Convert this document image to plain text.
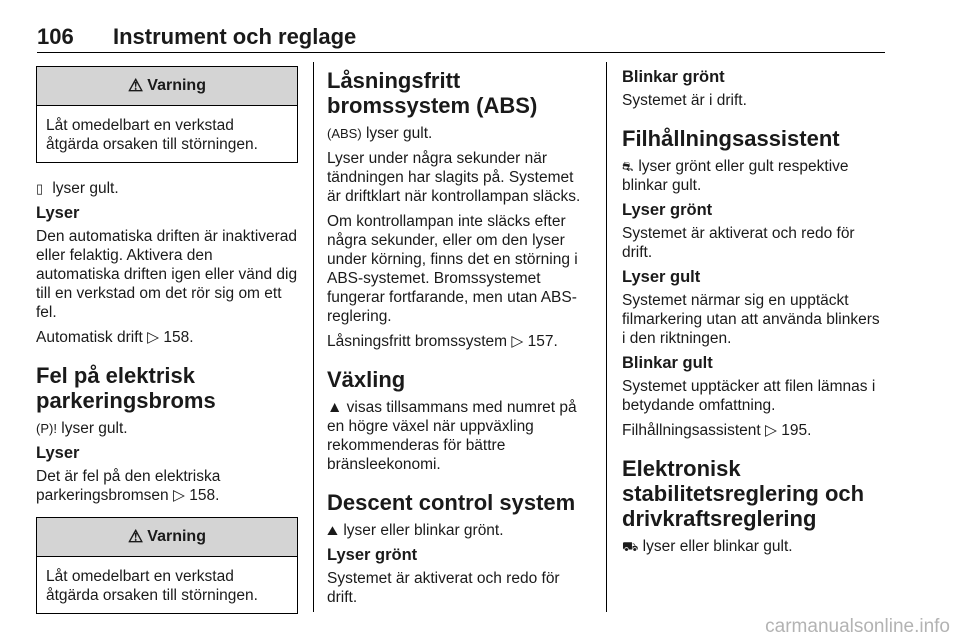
106 Instrument och reglage
⚠ Varning
Låt omedelbart en verkstad åtgärda orsaken till störningen.

▯ lyser gult.

Lyser

Den automatiska driften är inaktiverad eller felaktig. Aktivera den automatiska driften igen eller vänd dig till en verkstad om det rör sig om ett fel.

Automatisk drift ▷ 158.

Fel på elektrisk parkeringsbroms

(P)! lyser gult.

Lyser

Det är fel på den elektriska parkeringsbromsen ▷ 158.

⚠ Varning
Låt omedelbart en verkstad åtgärda orsaken till störningen.
Låsningsfritt bromssystem (ABS)

(ABS) lyser gult.

Lyser under några sekunder när tändningen har slagits på. Systemet är driftklart när kontrollampan släcks.

Om kontrollampan inte släcks efter några sekunder, eller om den lyser under körning, finns det en störning i ABS-systemet. Bromssystemet fungerar fortfarande, men utan ABS-reglering.

Låsningsfritt bromssystem ▷ 157.

Växling

▲ visas tillsammans med numret på en högre växel när uppväxling rekommenderas för bättre bränsleekonomi.

Descent control system

⛰ lyser eller blinkar grönt.

Lyser grönt

Systemet är aktiverat och redo för drift.

Blinkar grönt

Systemet är i drift.

Filhållningsassistent

⛐ lyser grönt eller gult respektive blinkar gult.

Lyser grönt

Systemet är aktiverat och redo för drift.

Lyser gult

Systemet närmar sig en upptäckt filmarkering utan att använda blinkers i den riktningen.

Blinkar gult

Systemet upptäcker att filen lämnas i betydande omfattning.

Filhållningsassistent ▷ 195.

Elektronisk stabilitetsreglering och drivkraftsreglering

⛟ lyser eller blinkar gult.

carmanualsonline.info
